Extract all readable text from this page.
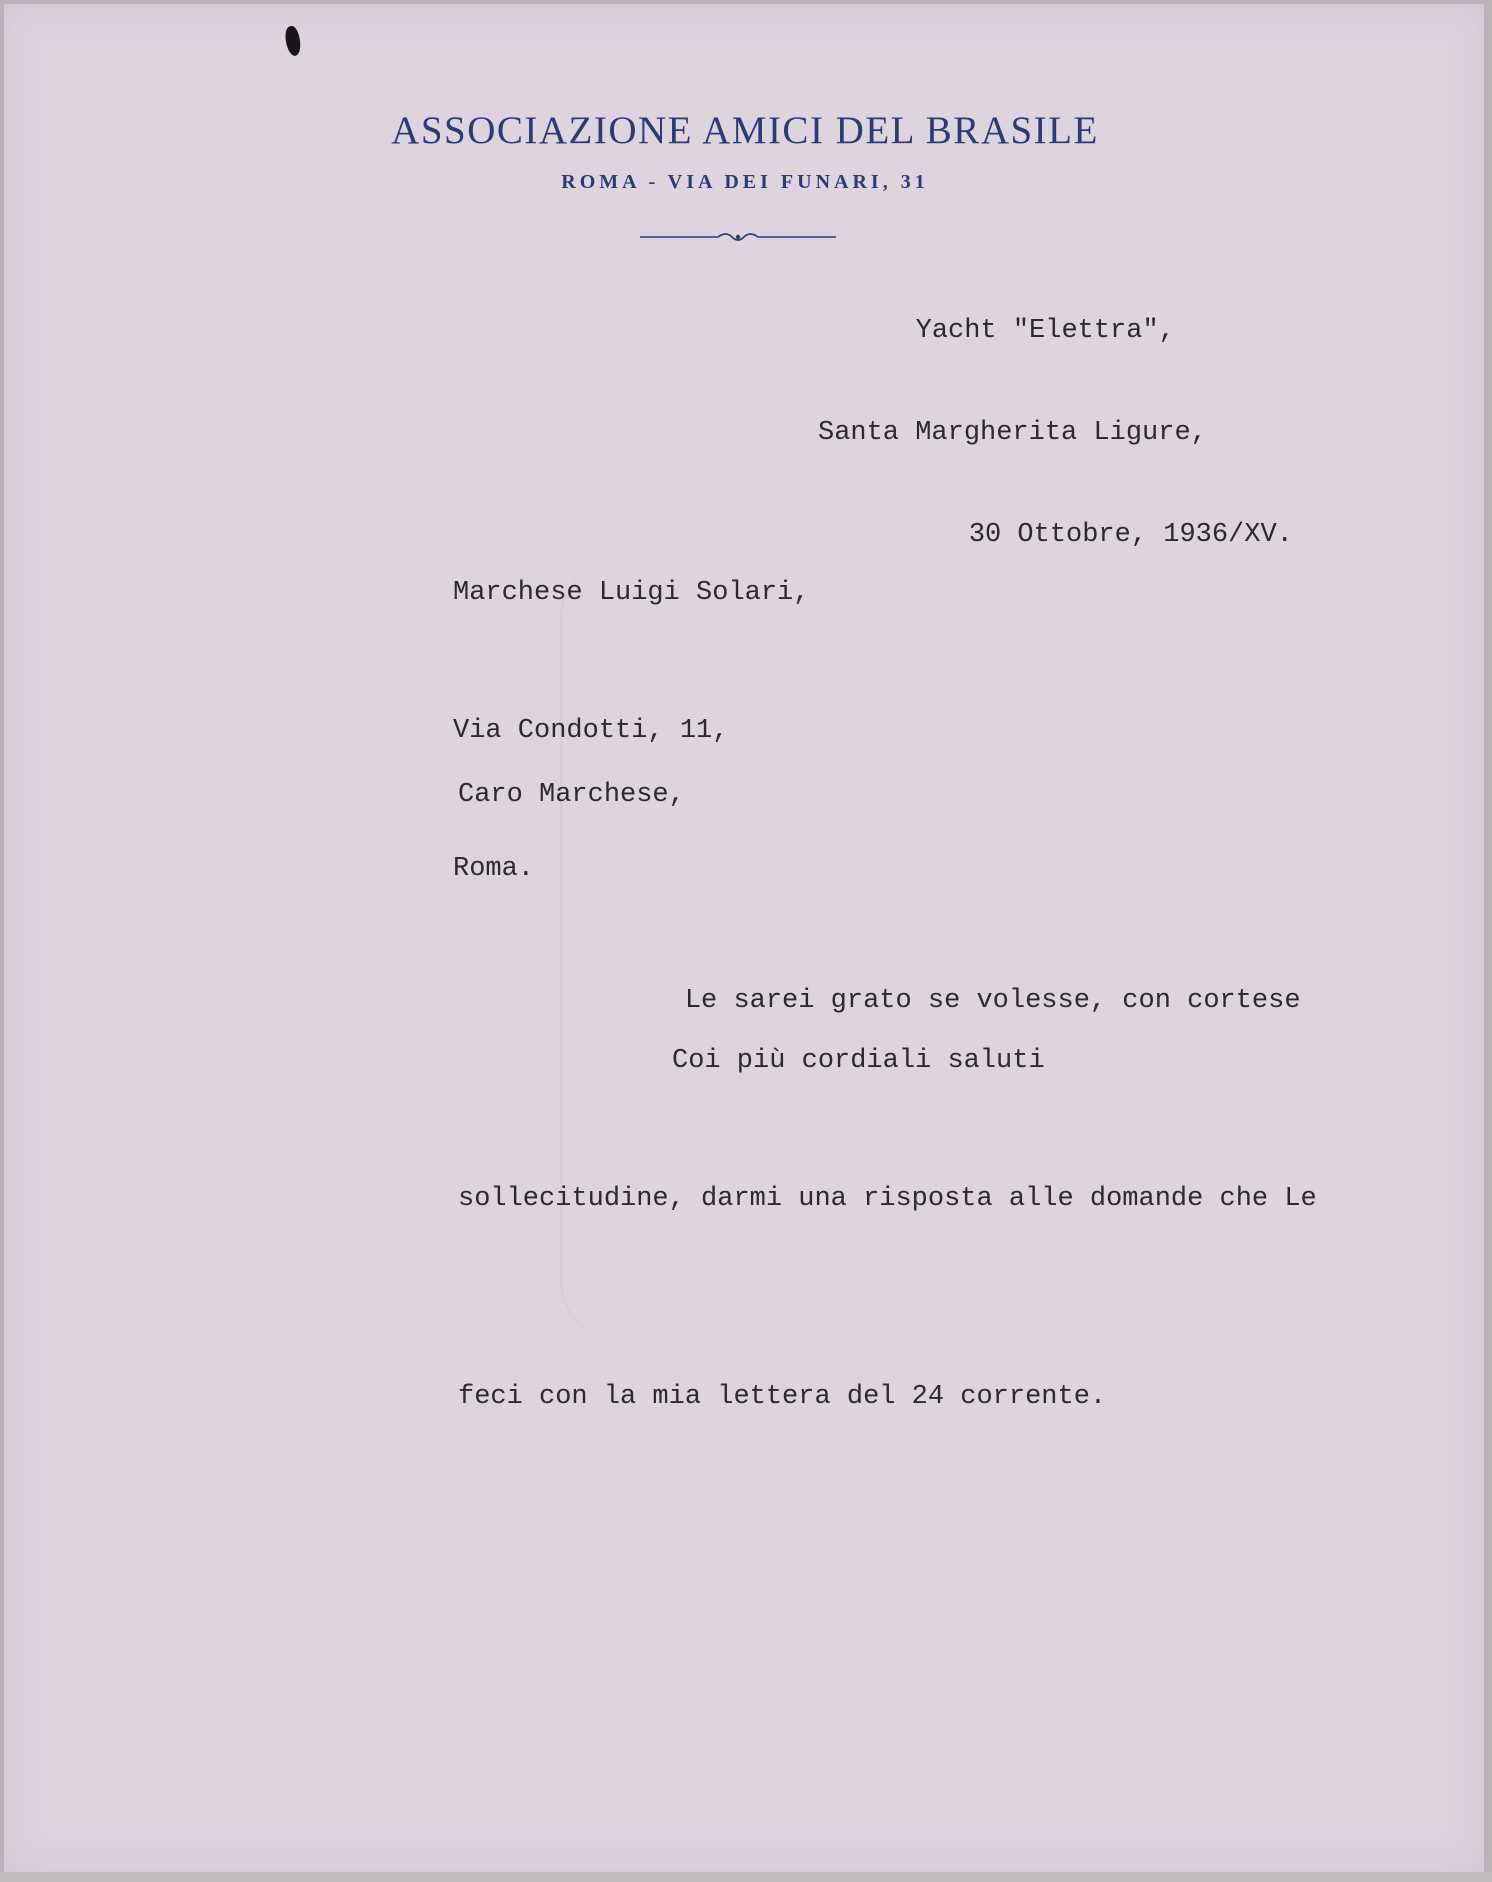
ASSOCIAZIONE AMICI DEL BRASILE
ROMA - VIA DEI FUNARI, 31

Yacht "Elettra",

Santa Margherita Ligure,

30 Ottobre, 1936/XV.

Marchese Luigi Solari,

Via Condotti, 11,

Roma.

Caro Marchese,

Le sarei grato se volesse, con cortese

sollecitudine, darmi una risposta alle domande che Le

feci con la mia lettera del 24 corrente.

Coi più cordiali saluti
